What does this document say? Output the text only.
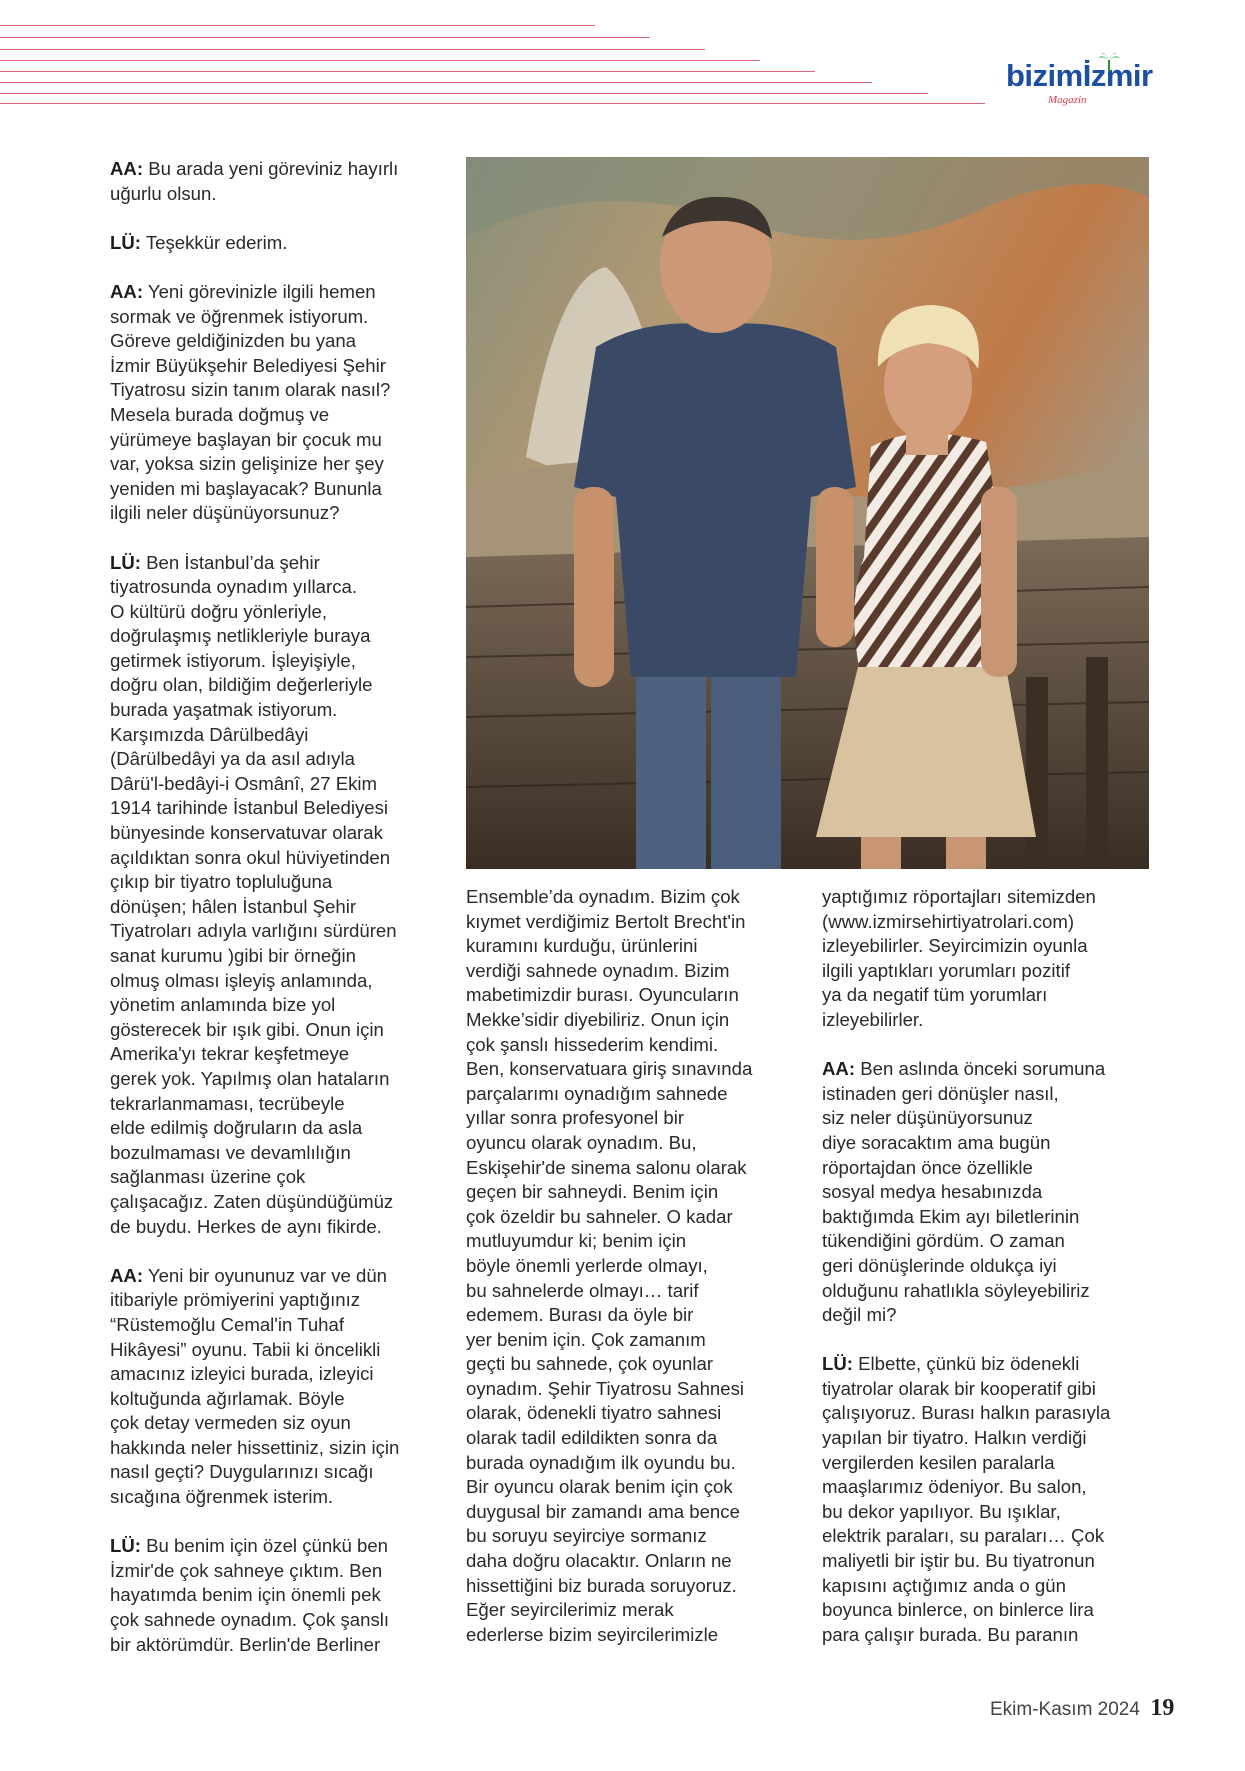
bizimİzmir
Magazin

AA: Bu arada yeni göreviniz hayırlı
uğurlu olsun.

LÜ: Teşekkür ederim.

AA: Yeni görevinizle ilgili hemen
sormak ve öğrenmek istiyorum.
Göreve geldiğinizden bu yana
İzmir Büyükşehir Belediyesi Şehir
Tiyatrosu sizin tanım olarak nasıl?
Mesela burada doğmuş ve
yürümeye başlayan bir çocuk mu
var, yoksa sizin gelişinize her şey
yeniden mi başlayacak? Bununla
ilgili neler düşünüyorsunuz?

LÜ: Ben İstanbul’da şehir
tiyatrosunda oynadım yıllarca.
O kültürü doğru yönleriyle,
doğrulaşmış netlikleriyle buraya
getirmek istiyorum. İşleyişiyle,
doğru olan, bildiğim değerleriyle
burada yaşatmak istiyorum.
Karşımızda Dârülbedâyi
(Dârülbedâyi ya da asıl adıyla
Dârü'l-bedâyi-i Osmânî, 27 Ekim
1914 tarihinde İstanbul Belediyesi
bünyesinde konservatuvar olarak
açıldıktan sonra okul hüviyetinden
çıkıp bir tiyatro topluluğuna
dönüşen; hâlen İstanbul Şehir
Tiyatroları adıyla varlığını sürdüren
sanat kurumu )gibi bir örneğin
olmuş olması işleyiş anlamında,
yönetim anlamında bize yol
gösterecek bir ışık gibi. Onun için
Amerika'yı tekrar keşfetmeye
gerek yok. Yapılmış olan hataların
tekrarlanmaması, tecrübeyle
elde edilmiş doğruların da asla
bozulmaması ve devamlılığın
sağlanması üzerine çok
çalışacağız. Zaten düşündüğümüz
de buydu. Herkes de aynı fikirde.

AA: Yeni bir oyununuz var ve dün
itibariyle prömiyerini yaptığınız
“Rüstemoğlu Cemal'in Tuhaf
Hikâyesi” oyunu. Tabii ki öncelikli
amacınız izleyici burada, izleyici
koltuğunda ağırlamak. Böyle
çok detay vermeden siz oyun
hakkında neler hissettiniz, sizin için
nasıl geçti? Duygularınızı sıcağı
sıcağına öğrenmek isterim.

LÜ: Bu benim için özel çünkü ben
İzmir'de çok sahneye çıktım. Ben
hayatımda benim için önemli pek
çok sahnede oynadım. Çok şanslı
bir aktörümdür. Berlin'de Berliner

Ensemble’da oynadım. Bizim çok
kıymet verdiğimiz Bertolt Brecht'in
kuramını kurduğu, ürünlerini
verdiği sahnede oynadım. Bizim
mabetimizdir burası. Oyuncuların
Mekke’sidir diyebiliriz. Onun için
çok şanslı hissederim kendimi.
Ben, konservatuara giriş sınavında
parçalarımı oynadığım sahnede
yıllar sonra profesyonel bir
oyuncu olarak oynadım. Bu,
Eskişehir'de sinema salonu olarak
geçen bir sahneydi. Benim için
çok özeldir bu sahneler. O kadar
mutluyumdur ki; benim için
böyle önemli yerlerde olmayı,
bu sahnelerde olmayı… tarif
edemem. Burası da öyle bir
yer benim için. Çok zamanım
geçti bu sahnede, çok oyunlar
oynadım. Şehir Tiyatrosu Sahnesi
olarak, ödenekli tiyatro sahnesi
olarak tadil edildikten sonra da
burada oynadığım ilk oyundu bu.
Bir oyuncu olarak benim için çok
duygusal bir zamandı ama bence
bu soruyu seyirciye sormanız
daha doğru olacaktır. Onların ne
hissettiğini biz burada soruyoruz.
Eğer seyircilerimiz merak
ederlerse bizim seyircilerimizle

yaptığımız röportajları sitemizden
(www.izmirsehirtiyatrolari.com)
izleyebilirler. Seyircimizin oyunla
ilgili yaptıkları yorumları pozitif
ya da negatif tüm yorumları
izleyebilirler.

AA: Ben aslında önceki sorumuna
istinaden geri dönüşler nasıl,
siz neler düşünüyorsunuz
diye soracaktım ama bugün
röportajdan önce özellikle
sosyal medya hesabınızda
baktığımda Ekim ayı biletlerinin
tükendiğini gördüm. O zaman
geri dönüşlerinde oldukça iyi
olduğunu rahatlıkla söyleyebiliriz
değil mi?

LÜ: Elbette, çünkü biz ödenekli
tiyatrolar olarak bir kooperatif gibi
çalışıyoruz. Burası halkın parasıyla
yapılan bir tiyatro. Halkın verdiği
vergilerden kesilen paralarla
maaşlarımız ödeniyor. Bu salon,
bu dekor yapılıyor. Bu ışıklar,
elektrik paraları, su paraları… Çok
maliyetli bir iştir bu. Bu tiyatronun
kapısını açtığımız anda o gün
boyunca binlerce, on binlerce lira
para çalışır burada. Bu paranın

Ekim-Kasım 2024 19
